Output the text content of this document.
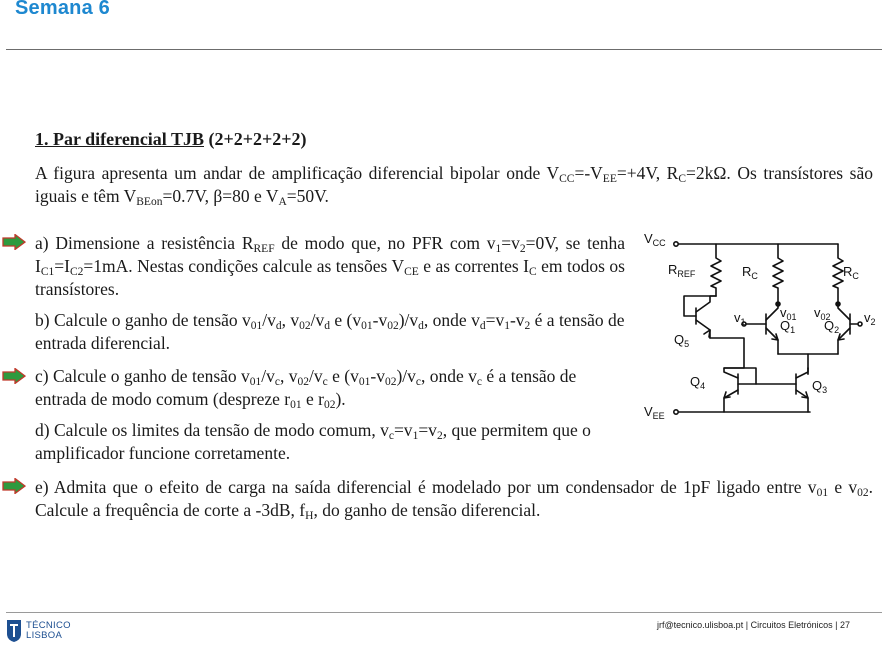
Semana 6
1. Par diferencial TJB (2+2+2+2+2)

A figura apresenta um andar de amplificação diferencial bipolar onde $V_{CC}=-V_{EE}=+4V$, $R_C=2k\Omega$. Os transístores são iguais e têm $V_{BEon}=0.7V$, β=80 e $V_A=50V$.

a) Dimensione a resistência $R_{REF}$ de modo que, no PFR com $v_1=v_2=0V$, se tenha $I_{C1}=I_{C2}=1mA$. Nestas condições calcule as tensões $V_{CE}$ e as correntes $I_C$ em todos os transístores.

b) Calcule o ganho de tensão $v_{01}/v_d$, $v_{02}/v_d$ e $(v_{01}-v_{02})/v_d$, onde $v_d=v_1-v_2$ é a tensão de entrada diferencial.

c) Calcule o ganho de tensão $v_{01}/v_c$, $v_{02}/v_c$ e $(v_{01}-v_{02})/v_c$, onde $v_c$ é a tensão de entrada de modo comum (despreze $r_{01}$ e $r_{02}$).

d) Calcule os limites da tensão de modo comum, $v_c=v_1=v_2$, que permitem que o amplificador funcione corretamente.

e) Admita que o efeito de carga na saída diferencial é modelado por um condensador de 1pF ligado entre $v_{01}$ e $v_{02}$. Calcule a frequência de corte a -3dB, $f_H$, do ganho de tensão diferencial.

$V_{CC}$
$R_{REF}$	$R_C$	$R_C$
$v_{01}$ $v_{02}$
$v_1$	$v_2$
$Q_5$
$Q_1$ $Q_2$
$Q_4$	$Q_3$
$V_{EE}$
TÉCNICO
LISBOA
jrf@tecnico.ulisboa.pt | Circuitos Eletrónicos | 27
